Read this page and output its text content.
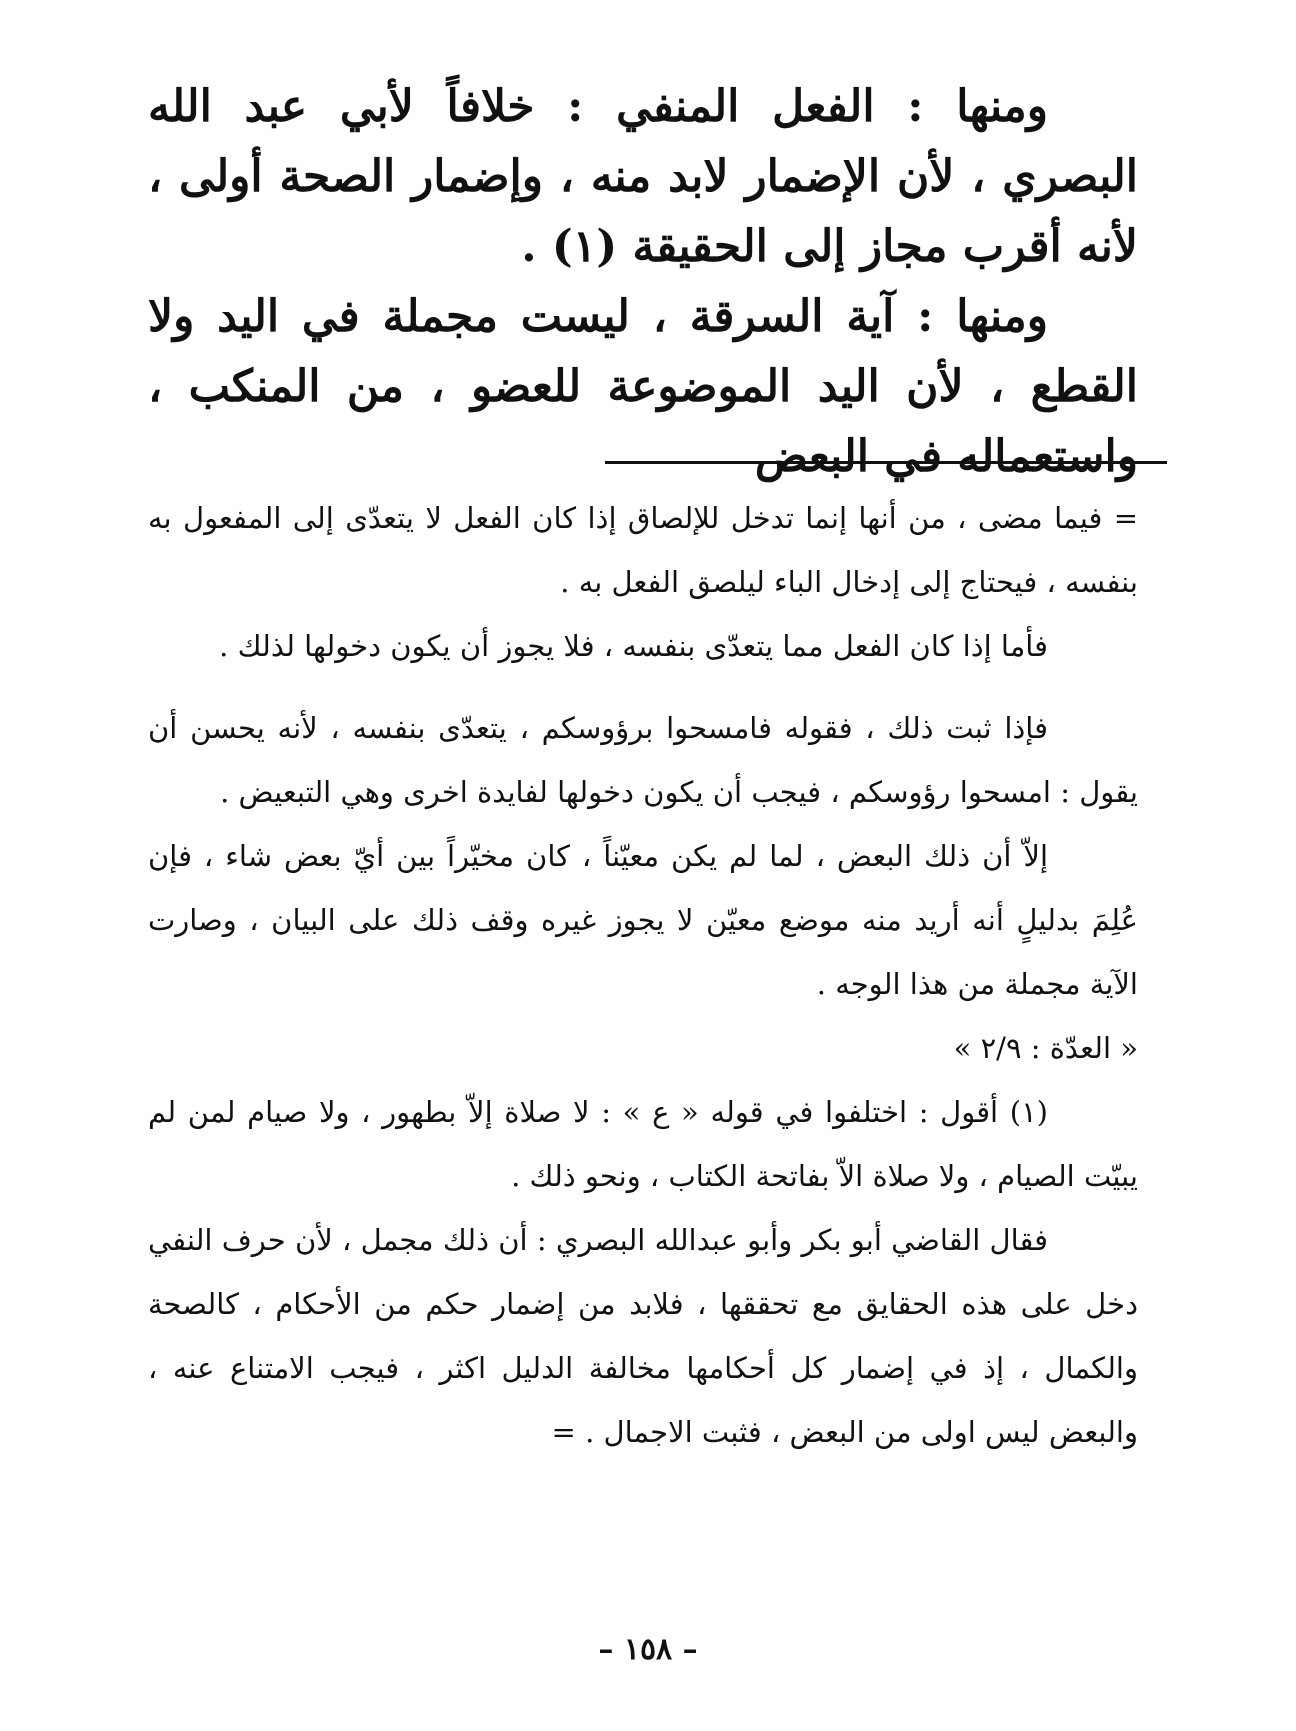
ومنها : الفعل المنفي : خلافاً لأبي عبد الله البصري ، لأن الإضمار لابد منه ، وإضمار الصحة أولى ، لأنه أقرب مجاز إلى الحقيقة (١) .

ومنها : آية السرقة ، ليست مجملة في اليد ولا القطع ، لأن اليد الموضوعة للعضو ، من المنكب ، واستعماله في البعض

= فيما مضى ، من أنها إنما تدخل للإلصاق إذا كان الفعل لا يتعدّى إلى المفعول به بنفسه ، فيحتاج إلى إدخال الباء ليلصق الفعل به .

فأما إذا كان الفعل مما يتعدّى بنفسه ، فلا يجوز أن يكون دخولها لذلك .

فإذا ثبت ذلك ، فقوله فامسحوا برؤوسكم ، يتعدّى بنفسه ، لأنه يحسن أن يقول : امسحوا رؤوسكم ، فيجب أن يكون دخولها لفايدة اخرى وهي التبعيض .

إلاّ أن ذلك البعض ، لما لم يكن معيّناً ، كان مخيّراً بين أيّ بعض شاء ، فإن عُلِمَ بدليلٍ أنه أريد منه موضع معيّن لا يجوز غيره وقف ذلك على البيان ، وصارت الآية مجملة من هذا الوجه .

« العدّة : ٢/٩ »

(١) أقول : اختلفوا في قوله « ع » : لا صلاة إلاّ بطهور ، ولا صيام لمن لم يبيّت الصيام ، ولا صلاة الاّ بفاتحة الكتاب ، ونحو ذلك .

فقال القاضي أبو بكر وأبو عبدالله البصري : أن ذلك مجمل ، لأن حرف النفي دخل على هذه الحقايق مع تحققها ، فلابد من إضمار حكم من الأحكام ، كالصحة والكمال ، إذ في إضمار كل أحكامها مخالفة الدليل اكثر ، فيجب الامتناع عنه ، والبعض ليس اولى من البعض ، فثبت الاجمال . =

– ١٥٨ –
